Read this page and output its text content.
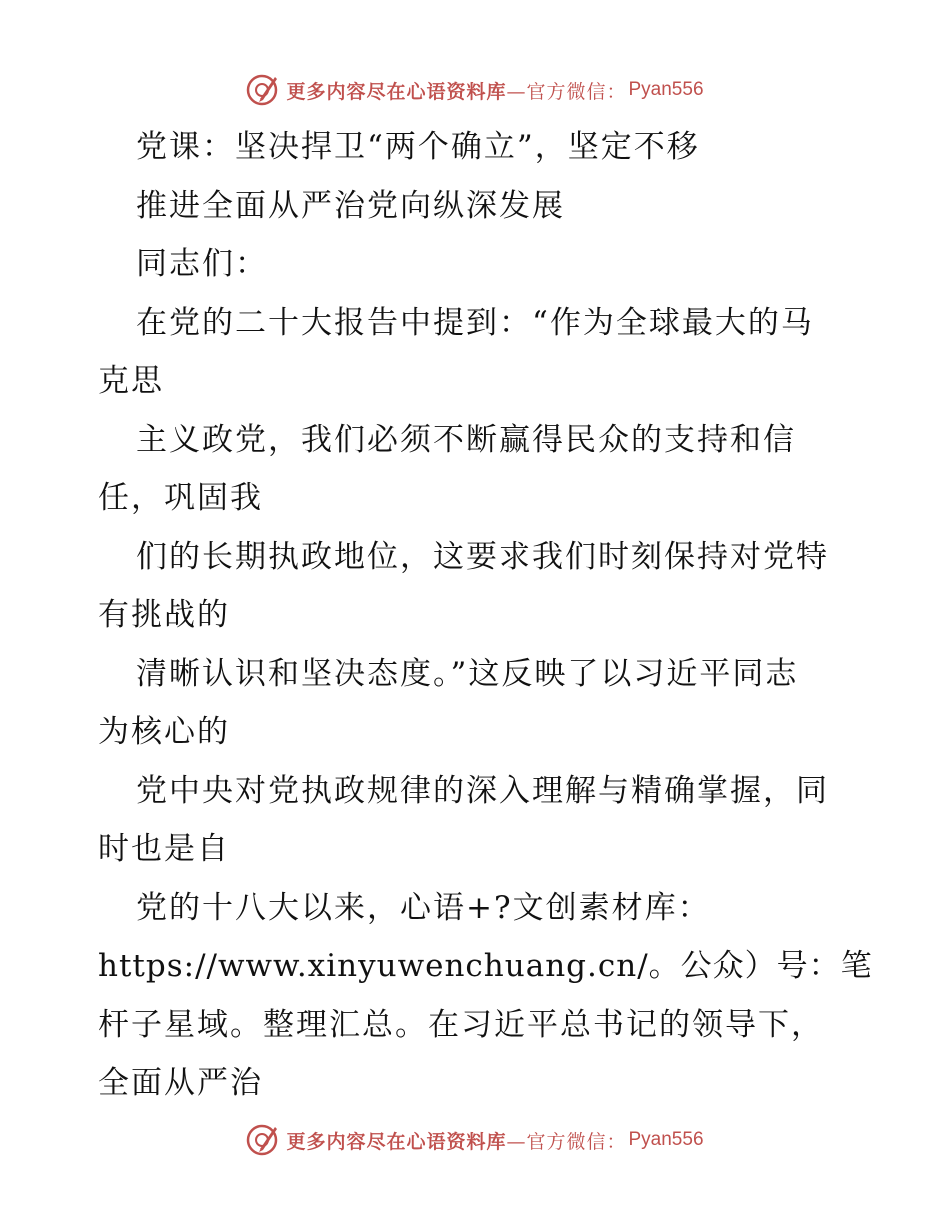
更多内容尽在心语资料库—官方微信： Pyan556
党课：坚决捍卫“两个确立”，坚定不移
推进全面从严治党向纵深发展
同志们：
在党的二十大报告中提到：“作为全球最大的马
克思
主义政党，我们必须不断赢得民众的支持和信
任，巩固我
们的长期执政地位，这要求我们时刻保持对党特
有挑战的
清晰认识和坚决态度。”这反映了以习近平同志
为核心的
党中央对党执政规律的深入理解与精确掌握，同
时也是自
党的十八大以来，心语+?文创素材库：
https://www.xinyuwenchuang.cn/。公众）号：笔
杆子星域。整理汇总。在习近平总书记的领导下，
全面从严治
更多内容尽在心语资料库—官方微信： Pyan556
